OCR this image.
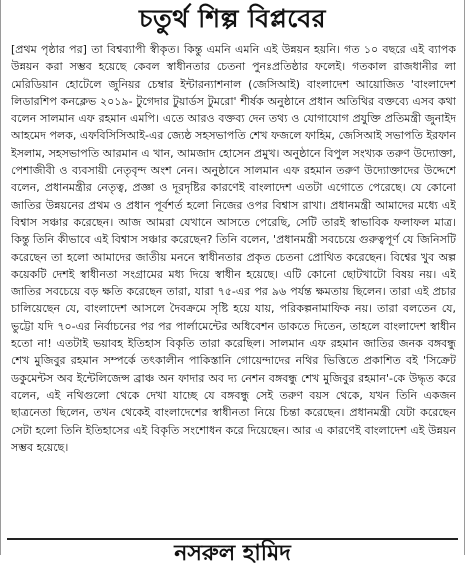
চতুর্থ শিল্প বিপ্লবের
[প্রথম পৃষ্ঠার পর] তা বিশ্বব্যাপী স্বীকৃত। কিন্তু এমনি এমনি এই উন্নয়ন হয়নি। গত ১০ বছরে এই ব্যাপক উন্নয়ন করা সম্ভব হয়েছে কেবল স্বাধীনতার চেতনা পুনঃপ্রতিষ্ঠার ফলেই। গতকাল রাজধানীর লা মেরিডিয়ান হোটেলে জুনিয়র চেম্বার ইন্টারন্যাশনাল (জেসিআই) বাংলাদেশ আয়োজিত 'বাংলাদেশ লিডারশিপ কনক্লেভ ২০১৯- টুগেদার টুয়ার্ডস টুমরো' শীর্ষক অনুষ্ঠানে প্রধান অতিথির বক্তব্যে এসব কথা বলেন সালমান এফ রহমান এমপি। এতে আরও বক্তব্য দেন তথ্য ও যোগাযোগ প্রযুক্তি প্রতিমন্ত্রী জুনাইদ আহমেদ পলক, এফবিসিসিআই-এর জ্যেষ্ঠ সহসভাপতি শেখ ফজলে ফাহিম, জেসিআই সভাপতি ইরফান ইসলাম, সহসভাপতি আরমান এ খান, আমজাদ হোসেন প্রমুখ। অনুষ্ঠানে বিপুল সংখ্যক তরুণ উদ্যোক্তা, পেশাজীবী ও ব্যবসায়ী নেতৃবৃন্দ অংশ নেন। অনুষ্ঠানে সালমান এফ রহমান তরুণ উদ্যোক্তাদের উদ্দেশে বলেন, প্রধানমন্ত্রীর নেতৃত্ব, প্রজ্ঞা ও দূরদৃষ্টির কারণেই বাংলাদেশ এতটা এগোতে পেরেছে। যে কোনো জাতির উন্নয়নের প্রথম ও প্রধান পূর্বশর্ত হলো নিজের ওপর বিশ্বাস রাখা। প্রধানমন্ত্রী আমাদের মধ্যে এই বিশ্বাস সঞ্চার করেছেন। আজ আমরা যেখানে আসতে পেরেছি, সেটি তারই স্বাভাবিক ফলাফল মাত্র। কিন্তু তিনি কীভাবে এই বিশ্বাস সঞ্চার করেছেন? তিনি বলেন, 'প্রধানমন্ত্রী সবচেয়ে গুরুত্বপূর্ণ যে জিনিসটি করেছেন তা হলো আমাদের জাতীয় মননে স্বাধীনতার প্রকৃত চেতনা প্রোথিত করেছেন। বিশ্বের খুব অল্প কয়েকটি দেশই স্বাধীনতা সংগ্রামের মধ্য দিয়ে স্বাধীন হয়েছে। এটি কোনো ছোটখাটো বিষয় নয়। এই জাতির সবচেয়ে বড় ক্ষতি করেছেন তারা, যারা ৭৫-এর পর ৯৬ পর্যন্ত ক্ষমতায় ছিলেন। তারা এই প্রচার চালিয়েছেন যে, বাংলাদেশ আসলে দৈবক্রমে সৃষ্টি হয়ে যায়, পরিকল্পনামাফিক নয়। তারা বলতেন যে, ভুট্টো যদি ৭০-এর নির্বাচনের পর পর পার্লামেন্টের অধিবেশন ডাকতে দিতেন, তাহলে বাংলাদেশ স্বাধীন হতো না! এতটাই ভয়াবহ ইতিহাস বিকৃতি তারা করেছিল। সালমান এফ রহমান জাতির জনক বঙ্গবন্ধু শেখ মুজিবুর রহমান সম্পর্কে তৎকালীন পাকিস্তানি গোয়েন্দাদের নথির ভিত্তিতে প্রকাশিত বই 'সিক্রেট ডকুমেন্টস অব ইন্টেলিজেন্স ব্রাঞ্চ অন ফাদার অব দ্য নেশন বঙ্গবন্ধু শেখ মুজিবুর রহমান'-কে উদ্ধৃত করে বলেন, এই নথিগুলো থেকে দেখা যাচ্ছে যে বঙ্গবন্ধু সেই তরুণ বয়স থেকে, যখন তিনি একজন ছাত্রনেতা ছিলেন, তখন থেকেই বাংলাদেশের স্বাধীনতা নিয়ে চিন্তা করেছেন। প্রধানমন্ত্রী যেটা করেছেন সেটা হলো তিনি ইতিহাসের এই বিকৃতি সংশোধন করে দিয়েছেন। আর এ কারণেই বাংলাদেশ এই উন্নয়ন সম্ভব হয়েছে।
নসরুল হামিদ
